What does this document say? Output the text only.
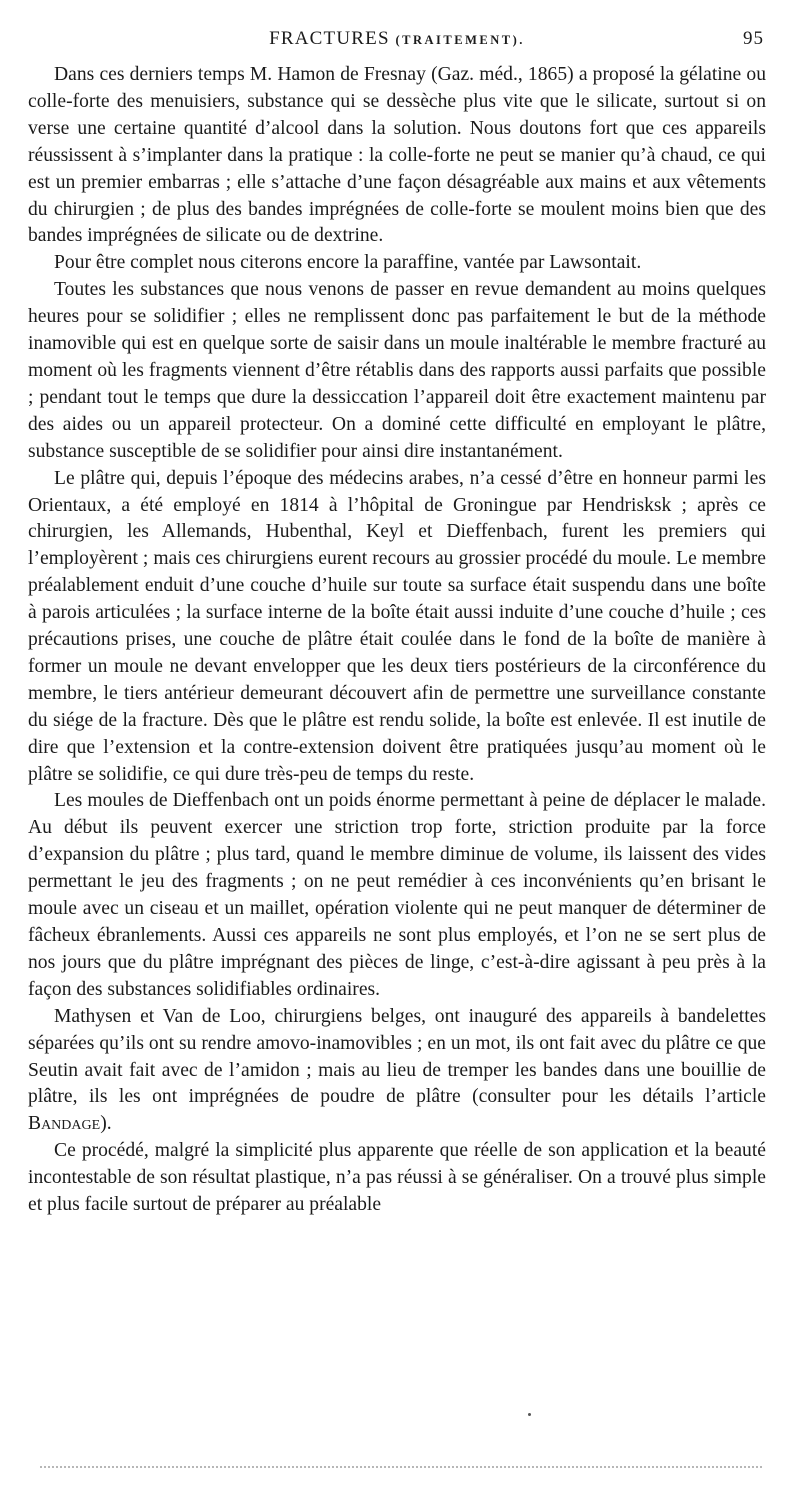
FRACTURES (TRAITEMENT).	95

Dans ces derniers temps M. Hamon de Fresnay (Gaz. méd., 1865) a proposé la gélatine ou colle-forte des menuisiers, substance qui se dessèche plus vite que le silicate, surtout si on verse une certaine quantité d’alcool dans la solution. Nous doutons fort que ces appareils réussissent à s’implanter dans la pratique : la colle-forte ne peut se manier qu’à chaud, ce qui est un premier embarras ; elle s’attache d’une façon désagréable aux mains et aux vêtements du chirurgien ; de plus des bandes imprégnées de colle-forte se moulent moins bien que des bandes imprégnées de silicate ou de dextrine.

Pour être complet nous citerons encore la paraffine, vantée par Lawsontait.

Toutes les substances que nous venons de passer en revue demandent au moins quelques heures pour se solidifier ; elles ne remplissent donc pas parfaitement le but de la méthode inamovible qui est en quelque sorte de saisir dans un moule inaltérable le membre fracturé au moment où les fragments viennent d’être rétablis dans des rapports aussi parfaits que possible ; pendant tout le temps que dure la dessiccation l’appareil doit être exactement maintenu par des aides ou un appareil protecteur. On a dominé cette difficulté en employant le plâtre, substance susceptible de se solidifier pour ainsi dire instantanément.

Le plâtre qui, depuis l’époque des médecins arabes, n’a cessé d’être en honneur parmi les Orientaux, a été employé en 1814 à l’hôpital de Groningue par Hendrisksk ; après ce chirurgien, les Allemands, Hubenthal, Keyl et Dieffenbach, furent les premiers qui l’employèrent ; mais ces chirurgiens eurent recours au grossier procédé du moule. Le membre préalablement enduit d’une couche d’huile sur toute sa surface était suspendu dans une boîte à parois articulées ; la surface interne de la boîte était aussi induite d’une couche d’huile ; ces précautions prises, une couche de plâtre était coulée dans le fond de la boîte de manière à former un moule ne devant envelopper que les deux tiers postérieurs de la circonférence du membre, le tiers antérieur demeurant découvert afin de permettre une surveillance constante du siége de la fracture. Dès que le plâtre est rendu solide, la boîte est enlevée. Il est inutile de dire que l’extension et la contre-extension doivent être pratiquées jusqu’au moment où le plâtre se solidifie, ce qui dure très-peu de temps du reste.

Les moules de Dieffenbach ont un poids énorme permettant à peine de déplacer le malade. Au début ils peuvent exercer une striction trop forte, striction produite par la force d’expansion du plâtre ; plus tard, quand le membre diminue de volume, ils laissent des vides permettant le jeu des fragments ; on ne peut remédier à ces inconvénients qu’en brisant le moule avec un ciseau et un maillet, opération violente qui ne peut manquer de déterminer de fâcheux ébranlements. Aussi ces appareils ne sont plus employés, et l’on ne se sert plus de nos jours que du plâtre imprégnant des pièces de linge, c’est-à-dire agissant à peu près à la façon des substances solidifiables ordinaires.

Mathysen et Van de Loo, chirurgiens belges, ont inauguré des appareils à bandelettes séparées qu’ils ont su rendre amovo-inamovibles ; en un mot, ils ont fait avec du plâtre ce que Seutin avait fait avec de l’amidon ; mais au lieu de tremper les bandes dans une bouillie de plâtre, ils les ont imprégnées de poudre de plâtre (consulter pour les détails l’article Bandage).

Ce procédé, malgré la simplicité plus apparente que réelle de son application et la beauté incontestable de son résultat plastique, n’a pas réussi à se généraliser. On a trouvé plus simple et plus facile surtout de préparer au préalable
